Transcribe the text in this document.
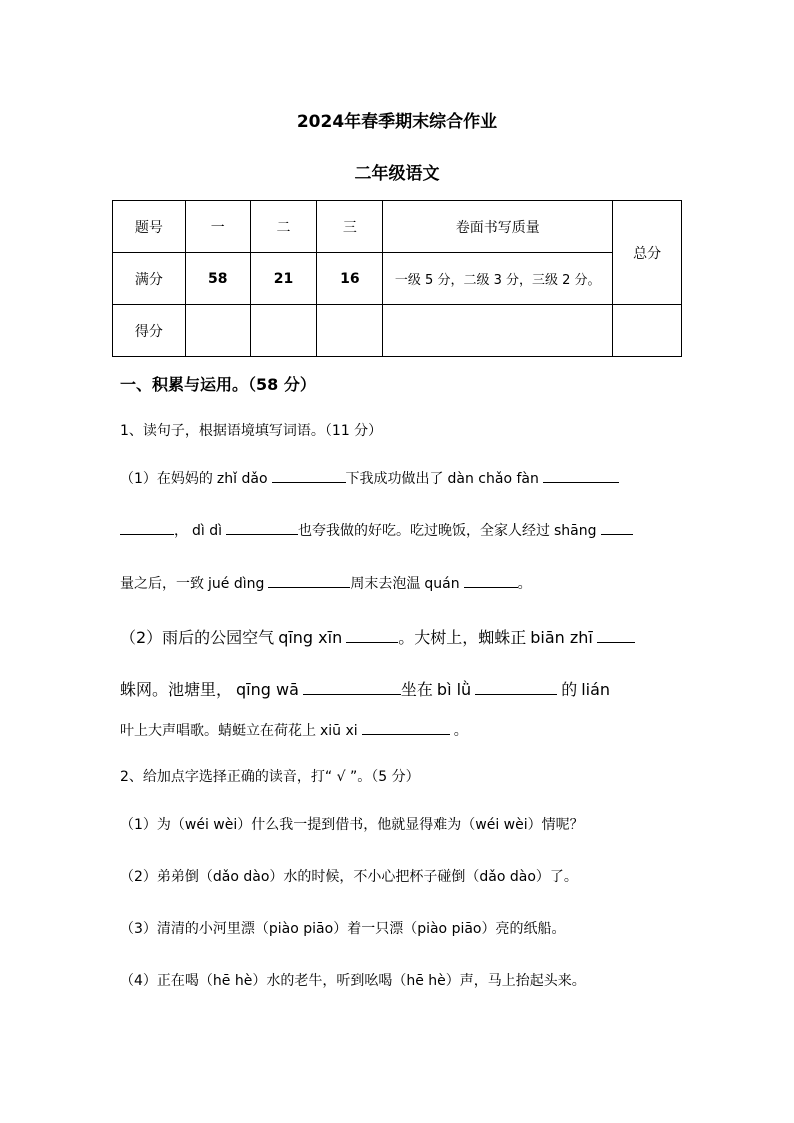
2024年春季期末综合作业
二年级语文
题号	一	二	三	卷面书写质量	总分
满分	58	21	16	一级 5 分，二级 3 分，三级 2 分。	
得分					
一、积累与运用。（58 分）
1、读句子，根据语境填写词语。（11 分）
（1）在妈妈的 zhǐ dǎo	下我成功做出了 dàn chǎo fàn
， dì dì	也夸我做的好吃。吃过晚饭，全家人经过 shāng
量之后，一致 jué dìng	周末去泡温 quán	。
（2）雨后的公园空气 qīng xīn	。大树上，蜘蛛正 biān zhī
蛛网。池塘里， qīng wā	坐在 bì lǜ	的 lián
叶上大声唱歌。蜻蜓立在荷花上 xiū xi	。
2、给加点字选择正确的读音，打“ √ ”。（5 分）
（1）为（wéi wèi）什么我一提到借书，他就显得难为（wéi wèi）情呢？
（2）弟弟倒（dǎo dào）水的时候，不小心把杯子碰倒（dǎo dào）了。
（3）清清的小河里漂（piào piāo）着一只漂（piào piāo）亮的纸船。
（4）正在喝（hē hè）水的老牛，听到吆喝（hē hè）声，马上抬起头来。
